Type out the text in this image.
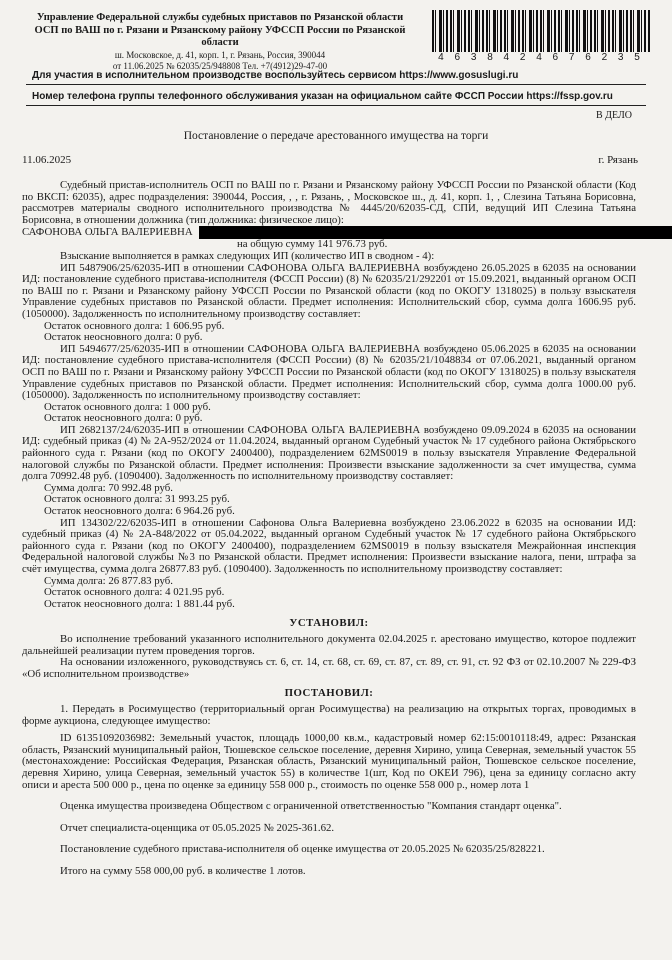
Управление Федеральной службы судебных приставов по Рязанской области
ОСП по ВАШ по г. Рязани и Рязанскому району УФССП России по Рязанской области
ш. Московское, д. 41, корп. 1, г. Рязань, Россия, 390044
от 11.06.2025 № 62035/25/948808 Тел. +7(4912)29-47-00
4 6 3 8 4 2 4 6 7 6 2 3 5
Для участия в исполнительном производстве воспользуйтесь сервисом https://www.gosuslugi.ru
Номер телефона группы телефонного обслуживания указан на официальном сайте ФССП России https://fssp.gov.ru
В ДЕЛО
Постановление о передаче арестованного имущества на торги
11.06.2025	г. Рязань

Судебный пристав-исполнитель ОСП по ВАШ по г. Рязани и Рязанскому району УФССП России по Рязанской области (Код по ВКСП: 62035), адрес подразделения: 390044, Россия, , , г. Рязань, , Московское ш., д. 41, корп. 1, , Слезина Татьяна Борисовна, рассмотрев материалы сводного исполнительного производства № 4445/20/62035-СД, СПИ, ведущий ИП Слезина Татьяна Борисовна, в отношении должника (тип должника: физическое лицо):

САФОНОВА ОЛЬГА ВАЛЕРИЕВНА

на общую сумму 141 976.73 руб.

Взыскание выполняется в рамках следующих ИП (количество ИП в сводном - 4):

ИП 5487906/25/62035-ИП в отношении САФОНОВА ОЛЬГА ВАЛЕРИЕВНА возбуждено 26.05.2025 в 62035 на основании ИД: постановление судебного пристава-исполнителя (ФССП России) (8) № 62035/21/292201 от 15.09.2021, выданный органом ОСП по ВАШ по г. Рязани и Рязанскому району УФССП России по Рязанской области (код по ОКОГУ 1318025) в пользу взыскателя Управление судебных приставов по Рязанской области. Предмет исполнения: Исполнительский сбор, сумма долга 1606.95 руб. (1050000). Задолженность по исполнительному производству составляет:

Остаток основного долга: 1 606.95 руб.

Остаток неосновного долга: 0 руб.

ИП 5494677/25/62035-ИП в отношении САФОНОВА ОЛЬГА ВАЛЕРИЕВНА возбуждено 05.06.2025 в 62035 на основании ИД: постановление судебного пристава-исполнителя (ФССП России) (8) № 62035/21/1048834 от 07.06.2021, выданный органом ОСП по ВАШ по г. Рязани и Рязанскому району УФССП России по Рязанской области (код по ОКОГУ 1318025) в пользу взыскателя Управление судебных приставов по Рязанской области. Предмет исполнения: Исполнительский сбор, сумма долга 1000.00 руб. (1050000). Задолженность по исполнительному производству составляет:

Остаток основного долга: 1 000 руб.

Остаток неосновного долга: 0 руб.

ИП 2682137/24/62035-ИП в отношении САФОНОВА ОЛЬГА ВАЛЕРИЕВНА возбуждено 09.09.2024 в 62035 на основании ИД: судебный приказ (4) № 2А-952/2024 от 11.04.2024, выданный органом Судебный участок № 17 судебного района Октябрьского районного суда г. Рязани (код по ОКОГУ 2400400), подразделением 62MS0019 в пользу взыскателя Управление Федеральной налоговой службы по Рязанской области. Предмет исполнения: Произвести взыскание задолженности за счет имущества, сумма долга 70992.48 руб. (1090400). Задолженность по исполнительному производству составляет:

Сумма долга: 70 992.48 руб.

Остаток основного долга: 31 993.25 руб.

Остаток неосновного долга: 6 964.26 руб.

ИП 134302/22/62035-ИП в отношении Сафонова Ольга Валериевна возбуждено 23.06.2022 в 62035 на основании ИД: судебный приказ (4) № 2А-848/2022 от 05.04.2022, выданный органом Судебный участок № 17 судебного района Октябрьского районного суда г. Рязани (код по ОКОГУ 2400400), подразделением 62MS0019 в пользу взыскателя Межрайонная инспекция Федеральной налоговой службы №3 по Рязанской области. Предмет исполнения: Произвести взыскание налога, пени, штрафа за счёт имущества, сумма долга 26877.83 руб. (1090400). Задолженность по исполнительному производству составляет:

Сумма долга: 26 877.83 руб.

Остаток основного долга: 4 021.95 руб.

Остаток неосновного долга: 1 881.44 руб.

УСТАНОВИЛ:

Во исполнение требований указанного исполнительного документа 02.04.2025 г. арестовано имущество, которое подлежит дальнейшей реализации путем проведения торгов.

На основании изложенного, руководствуясь ст. 6, ст. 14, ст. 68, ст. 69, ст. 87, ст. 89, ст. 91, ст. 92 ФЗ от 02.10.2007 № 229-ФЗ «Об исполнительном производстве»

ПОСТАНОВИЛ:

1. Передать в Росимущество (территориальный орган Росимущества) на реализацию на открытых торгах, проводимых в форме аукциона, следующее имущество:

ID 61351092036982: Земельный участок, площадь 1000,00 кв.м., кадастровый номер 62:15:0010118:49, адрес: Рязанская область, Рязанский муниципальный район, Тюшевское сельское поселение, деревня Хирино, улица Северная, земельный участок 55 (местонахождение: Российская Федерация, Рязанская область, Рязанский муниципальный район, Тюшевское сельское поселение, деревня Хирино, улица Северная, земельный участок 55) в количестве 1(шт, Код по ОКЕИ 796), цена за единицу согласно акту описи и ареста 500 000 р., цена по оценке за единицу 558 000 р., стоимость по оценке 558 000 р., номер лота 1

Оценка имущества произведена Обществом с ограниченной ответственностью "Компания стандарт оценка".

Отчет специалиста-оценщика от 05.05.2025 № 2025-361.62.

Постановление судебного пристава-исполнителя об оценке имущества от 20.05.2025 № 62035/25/828221.

Итого на сумму 558 000,00 руб. в количестве 1 лотов.
